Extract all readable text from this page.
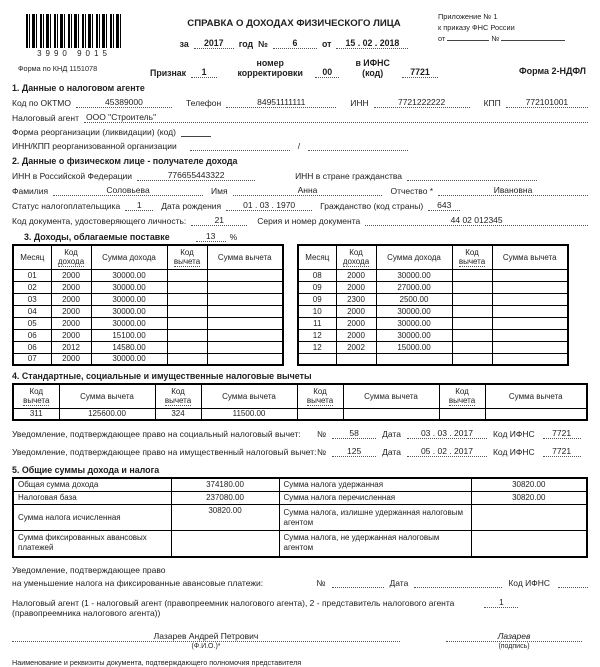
3990 9015
Форма по КНД 1151078
СПРАВКА О ДОХОДАХ ФИЗИЧЕСКОГО ЛИЦА
за	2017	год №	6	от	15 . 02 . 2018
Признак	1
номер корректировки	00
в ИФНС (код)	7721
Приложение № 1
к приказу ФНС России
от	№
Форма 2-НДФЛ
1. Данные о налоговом агенте
Код по ОКТМО	45389000	Телефон	84951111111	ИНН	7721222222	КПП	772101001
Налоговый агент ООО "Строитель"
Форма реорганизации (ликвидации) (код)
ИНН/КПП реорганизованной организации	/
2. Данные о физическом лице - получателе дохода
ИНН в Российской Федерации	776655443322	ИНН в стране гражданства
Фамилия	Соловьева	Имя	Анна	Отчество *	Ивановна
Статус налогоплательщика	1	Дата рождения	01 . 03 . 1970	Гражданство (код страны)	643
Код документа, удостоверяющего личность:	21	Серия и номер документа	44 02 012345
3. Доходы, облагаемые поставке	13	%
Месяц	Код
дохода	Сумма дохода	Код
вычета	Сумма вычета
01	2000	30000.00		
02	2000	30000.00		
03	2000	30000.00		
04	2000	30000.00		
05	2000	30000.00		
06	2000	15100.00		
06	2012	14580.00		
07	2000	30000.00		
Месяц	Код
дохода	Сумма дохода	Код
вычета	Сумма вычета
08	2000	30000.00		
09	2000	27000.00		
09	2300	2500.00		
10	2000	30000.00		
11	2000	30000.00		
12	2000	30000.00		
12	2002	15000.00		

4. Стандартные, социальные и имущественные налоговые вычеты
Код
вычета	Сумма вычета	Код
вычета	Сумма вычета	Код
вычета	Сумма вычета	Код
вычета	Сумма вычета
311	125600.00	324	11500.00				
Уведомление, подтверждающее право на социальный налоговый вычет:	№	58	Дата	03 . 03 . 2017	Код ИФНС	7721
Уведомление, подтверждающее право на имущественный налоговый вычет: №	125	Дата	05 . 02 . 2017	Код ИФНС	7721
5. Общие суммы дохода и налога
Общая сумма дохода	374180.00	Сумма налога удержанная	30820.00
Налоговая база	237080.00	Сумма налога перечисленная	30820.00
Сумма налога исчисленная	30820.00	Сумма налога, излишне удержанная налоговым агентом	
Сумма фиксированных авансовых платежей		Сумма налога, не удержанная налоговым агентом	
Уведомление, подтверждающее право
на уменьшение налога на фиксированные авансовые платежи:	№	Дата	Код ИФНС
Налоговый агент (1 - налоговый агент (правопреемник налогового агента), 2 - представитель налогового агента
(правопреемника налогового агента))
1
Лазарев Андрей Петрович
(Ф.И.О.)*
Лазарев
(подпись)
Наименование и реквизиты документа, подтверждающего полномочия представителя
